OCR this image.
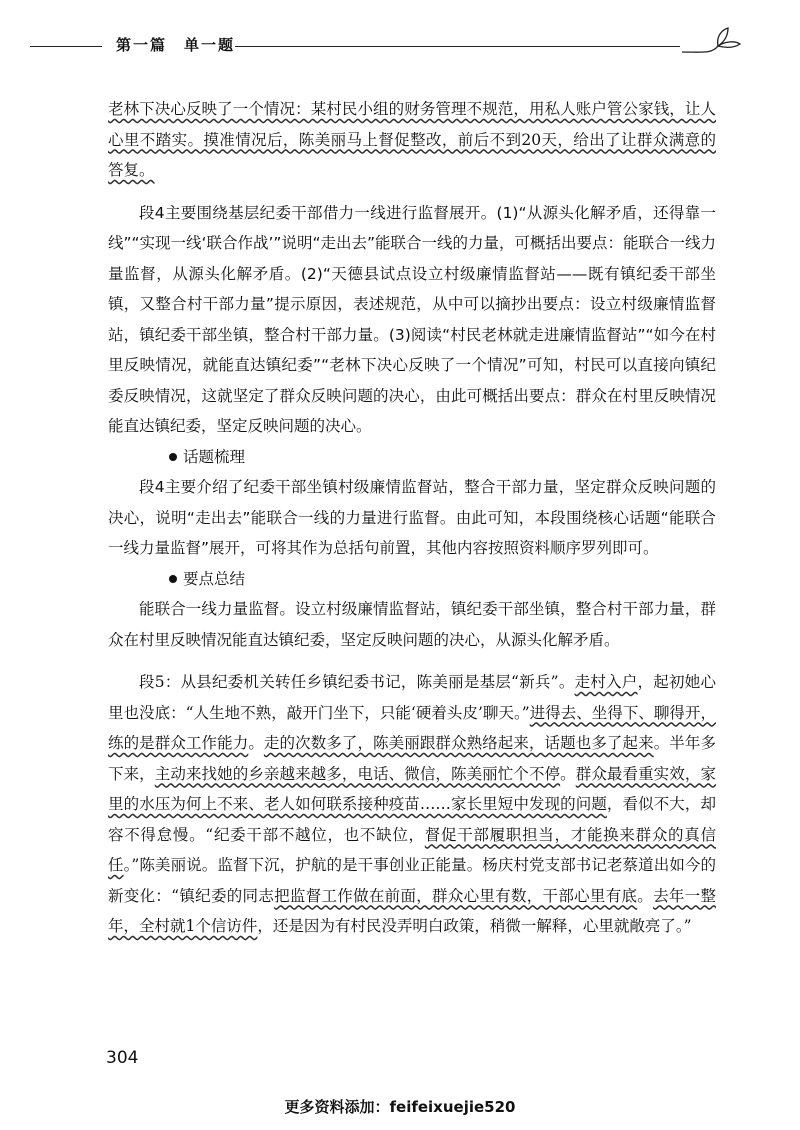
第一篇　单一题

老林下决心反映了一个情况：某村民小组的财务管理不规范，用私人账户管公家钱，让人心里不踏实。摸准情况后，陈美丽马上督促整改，前后不到20天，给出了让群众满意的答复。

段4主要围绕基层纪委干部借力一线进行监督展开。(1)“从源头化解矛盾，还得靠一线”“实现一线‘联合作战’”说明“走出去”能联合一线的力量，可概括出要点：能联合一线力量监督，从源头化解矛盾。(2)“天德县试点设立村级廉情监督站——既有镇纪委干部坐镇，又整合村干部力量”提示原因，表述规范，从中可以摘抄出要点：设立村级廉情监督站，镇纪委干部坐镇，整合村干部力量。(3)阅读“村民老林就走进廉情监督站”“如今在村里反映情况，就能直达镇纪委”“老林下决心反映了一个情况”可知，村民可以直接向镇纪委反映情况，这就坚定了群众反映问题的决心，由此可概括出要点：群众在村里反映情况能直达镇纪委，坚定反映问题的决心。

话题梳理

段4主要介绍了纪委干部坐镇村级廉情监督站，整合干部力量，坚定群众反映问题的决心，说明“走出去”能联合一线的力量进行监督。由此可知，本段围绕核心话题“能联合一线力量监督”展开，可将其作为总括句前置，其他内容按照资料顺序罗列即可。

要点总结

能联合一线力量监督。设立村级廉情监督站，镇纪委干部坐镇，整合村干部力量，群众在村里反映情况能直达镇纪委，坚定反映问题的决心，从源头化解矛盾。

段5：从县纪委机关转任乡镇纪委书记，陈美丽是基层“新兵”。走村入户，起初她心里也没底：“人生地不熟，敲开门坐下，只能‘硬着头皮’聊天。”进得去、坐得下、聊得开，练的是群众工作能力。走的次数多了，陈美丽跟群众熟络起来，话题也多了起来。半年多下来，主动来找她的乡亲越来越多，电话、微信，陈美丽忙个不停。群众最看重实效，家里的水压为何上不来、老人如何联系接种疫苗……家长里短中发现的问题，看似不大，却容不得怠慢。“纪委干部不越位，也不缺位，督促干部履职担当，才能换来群众的真信任。”陈美丽说。监督下沉，护航的是干事创业正能量。杨庆村党支部书记老蔡道出如今的新变化：“镇纪委的同志把监督工作做在前面，群众心里有数，干部心里有底。去年一整年，全村就1个信访件，还是因为有村民没弄明白政策，稍微一解释，心里就敞亮了。”

304
更多资料添加：feifeixuejie520
